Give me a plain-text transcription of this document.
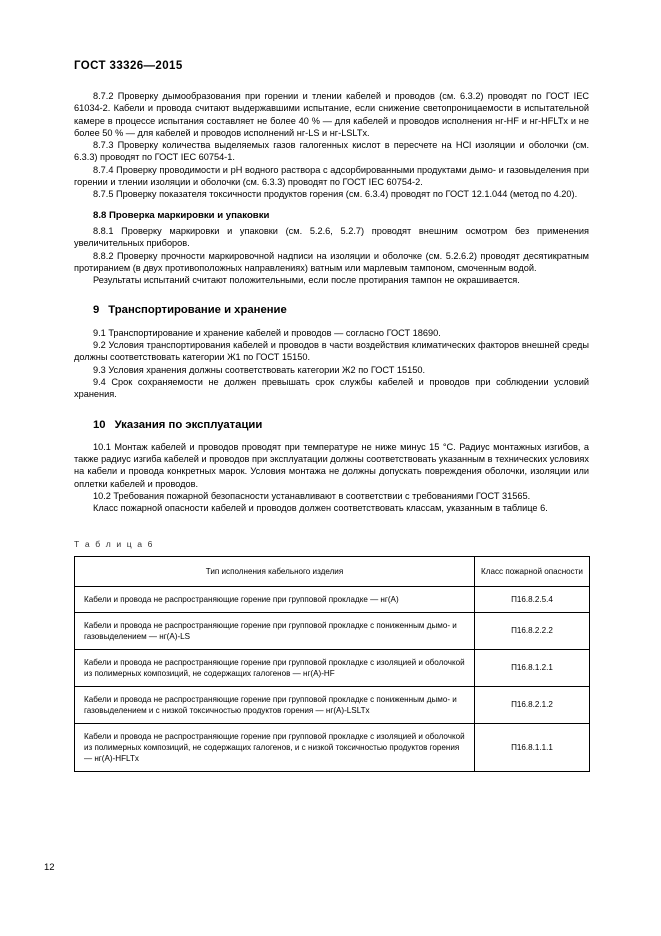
ГОСТ 33326—2015

8.7.2 Проверку дымообразования при горении и тлении кабелей и проводов (см. 6.3.2) проводят по ГОСТ IEC 61034-2. Кабели и провода считают выдержавшими испытание, если снижение светопроницаемости в испытательной камере в процессе испытания составляет не более 40 % — для кабелей и проводов исполнения нг-HF и нг-HFLTx и не более 50 % — для кабелей и проводов исполнений нг-LS и нг-LSLTx.

8.7.3 Проверку количества выделяемых газов галогенных кислот в пересчете на HCl изоляции и оболочки (см. 6.3.3) проводят по ГОСТ IEC 60754-1.

8.7.4 Проверку проводимости и pH водного раствора с адсорбированными продуктами дымо- и газовыделения при горении и тлении изоляции и оболочки (см. 6.3.3) проводят по ГОСТ IEC 60754-2.

8.7.5 Проверку показателя токсичности продуктов горения (см. 6.3.4) проводят по ГОСТ 12.1.044 (метод по 4.20).

8.8 Проверка маркировки и упаковки

8.8.1 Проверку маркировки и упаковки (см. 5.2.6, 5.2.7) проводят внешним осмотром без применения увеличительных приборов.

8.8.2 Проверку прочности маркировочной надписи на изоляции и оболочке (см. 5.2.6.2) проводят десятикратным протиранием (в двух противоположных направлениях) ватным или марлевым тампоном, смоченным водой.

Результаты испытаний считают положительными, если после протирания тампон не окрашивается.

9 Транспортирование и хранение

9.1 Транспортирование и хранение кабелей и проводов — согласно ГОСТ 18690.

9.2 Условия транспортирования кабелей и проводов в части воздействия климатических факторов внешней среды должны соответствовать категории Ж1 по ГОСТ 15150.

9.3 Условия хранения должны соответствовать категории Ж2 по ГОСТ 15150.

9.4 Срок сохраняемости не должен превышать срок службы кабелей и проводов при соблюдении условий хранения.

10 Указания по эксплуатации

10.1 Монтаж кабелей и проводов проводят при температуре не ниже минус 15 °С. Радиус монтажных изгибов, а также радиус изгиба кабелей и проводов при эксплуатации должны соответствовать указанным в технических условиях на кабели и провода конкретных марок. Условия монтажа не должны допускать повреждения оболочки, изоляции или оплетки кабелей и проводов.

10.2 Требования пожарной безопасности устанавливают в соответствии с требованиями ГОСТ 31565.

Класс пожарной опасности кабелей и проводов должен соответствовать классам, указанным в таблице 6.

Т а б л и ц а 6
Тип исполнения кабельного изделия	Класс пожарной опасности
Кабели и провода не распространяющие горение при групповой прокладке — нг(А)	П16.8.2.5.4
Кабели и провода не распространяющие горение при групповой прокладке с пониженным дымо- и газовыделением — нг(А)-LS	П16.8.2.2.2
Кабели и провода не распространяющие горение при групповой прокладке с изоляцией и оболочкой из полимерных композиций, не содержащих галогенов — нг(А)-HF	П16.8.1.2.1
Кабели и провода не распространяющие горение при групповой прокладке с пониженным дымо- и газовыделением и с низкой токсичностью продуктов горения — нг(А)-LSLTx	П16.8.2.1.2
Кабели и провода не распространяющие горение при групповой прокладке с изоляцией и оболочкой из полимерных композиций, не содержащих галогенов, и с низкой токсичностью продуктов горения — нг(А)-HFLTx	П16.8.1.1.1
12
